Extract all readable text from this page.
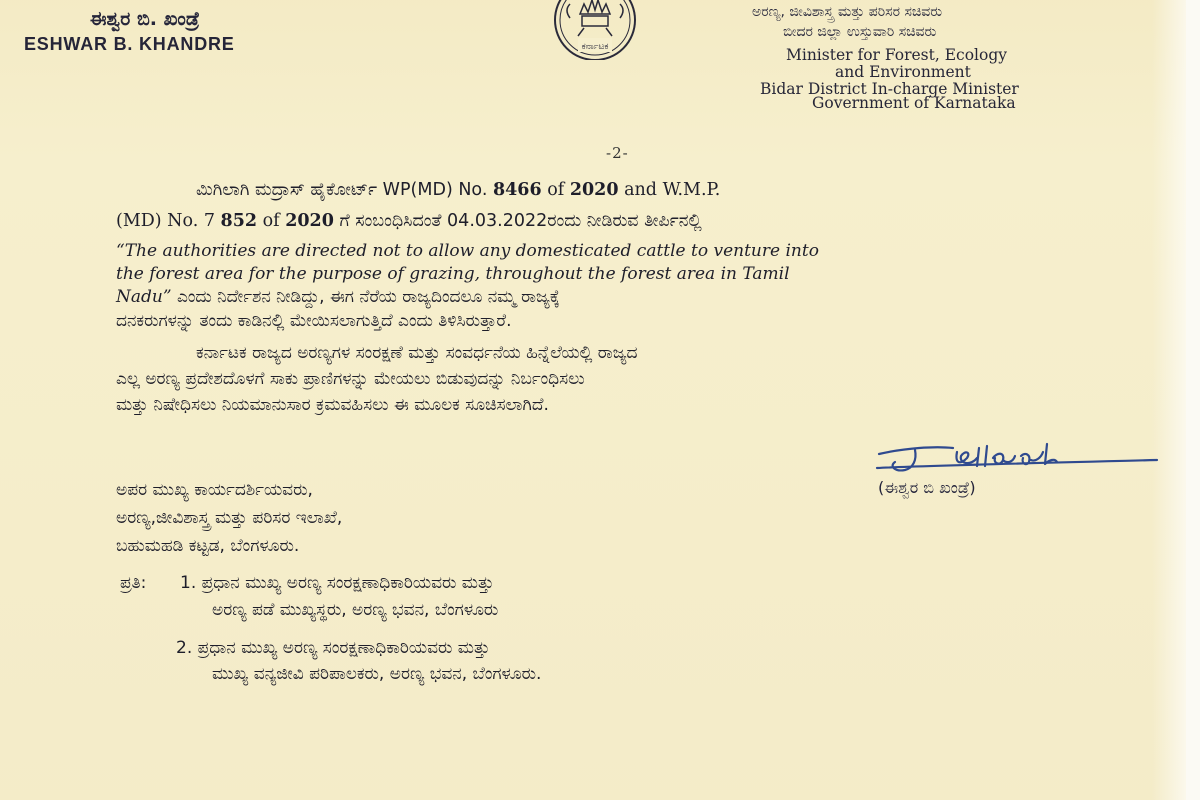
ಈಶ್ವರ ಬಿ. ಖಂಡ್ರೆ
ESHWAR B. KHANDRE	ಕರ್ನಾಟಕ
ಅರಣ್ಯ, ಜೀವಿಶಾಸ್ತ್ರ ಮತ್ತು ಪರಿಸರ ಸಚಿವರು
ಬೀದರ ಜಿಲ್ಲಾ ಉಸ್ತುವಾರಿ ಸಚಿವರು
Minister for Forest, Ecology
and Environment
Bidar District In-charge Minister
Government of Karnataka
-2-
ಮಿಗಿಲಾಗಿ ಮದ್ರಾಸ್ ಹೈಕೋರ್ಟ್ WP(MD) No. 8466 of 2020 and W.M.P.
(MD) No. 7 852 of 2020 ಗೆ ಸಂಬಂಧಿಸಿದಂತೆ 04.03.2022ರಂದು ನೀಡಿರುವ ತೀರ್ಪಿನಲ್ಲಿ
“The authorities are directed not to allow any domesticated cattle to venture into
the forest area for the purpose of grazing, throughout the forest area in Tamil
Nadu” ಎಂದು ನಿರ್ದೇಶನ ನೀಡಿದ್ದು, ಈಗ ನೆರೆಯ ರಾಜ್ಯದಿಂದಲೂ ನಮ್ಮ ರಾಜ್ಯಕ್ಕೆ
ದನಕರುಗಳನ್ನು ತಂದು ಕಾಡಿನಲ್ಲಿ ಮೇಯಿಸಲಾಗುತ್ತಿದೆ ಎಂದು ತಿಳಿಸಿರುತ್ತಾರೆ.
ಕರ್ನಾಟಕ ರಾಜ್ಯದ ಅರಣ್ಯಗಳ ಸಂರಕ್ಷಣೆ ಮತ್ತು ಸಂವರ್ಧನೆಯ ಹಿನ್ನೆಲೆಯಲ್ಲಿ ರಾಜ್ಯದ
ಎಲ್ಲ ಅರಣ್ಯ ಪ್ರದೇಶದೊಳಗೆ ಸಾಕು ಪ್ರಾಣಿಗಳನ್ನು ಮೇಯಲು ಬಿಡುವುದನ್ನು ನಿರ್ಬಂಧಿಸಲು
ಮತ್ತು ನಿಷೇಧಿಸಲು ನಿಯಮಾನುಸಾರ ಕ್ರಮವಹಿಸಲು ಈ ಮೂಲಕ ಸೂಚಿಸಲಾಗಿದೆ.
(ಈಶ್ವರ ಬಿ ಖಂಡ್ರೆ)
ಅಪರ ಮುಖ್ಯ ಕಾರ್ಯದರ್ಶಿಯವರು,
ಅರಣ್ಯ,ಜೀವಿಶಾಸ್ತ್ರ ಮತ್ತು ಪರಿಸರ ಇಲಾಖೆ,
ಬಹುಮಹಡಿ ಕಟ್ಟಡ, ಬೆಂಗಳೂರು.
ಪ್ರತಿ: 1. ಪ್ರಧಾನ ಮುಖ್ಯ ಅರಣ್ಯ ಸಂರಕ್ಷಣಾಧಿಕಾರಿಯವರು ಮತ್ತು
ಅರಣ್ಯ ಪಡೆ ಮುಖ್ಯಸ್ಥರು, ಅರಣ್ಯ ಭವನ, ಬೆಂಗಳೂರು
2. ಪ್ರಧಾನ ಮುಖ್ಯ ಅರಣ್ಯ ಸಂರಕ್ಷಣಾಧಿಕಾರಿಯವರು ಮತ್ತು
ಮುಖ್ಯ ವನ್ಯಜೀವಿ ಪರಿಪಾಲಕರು, ಅರಣ್ಯ ಭವನ, ಬೆಂಗಳೂರು.
